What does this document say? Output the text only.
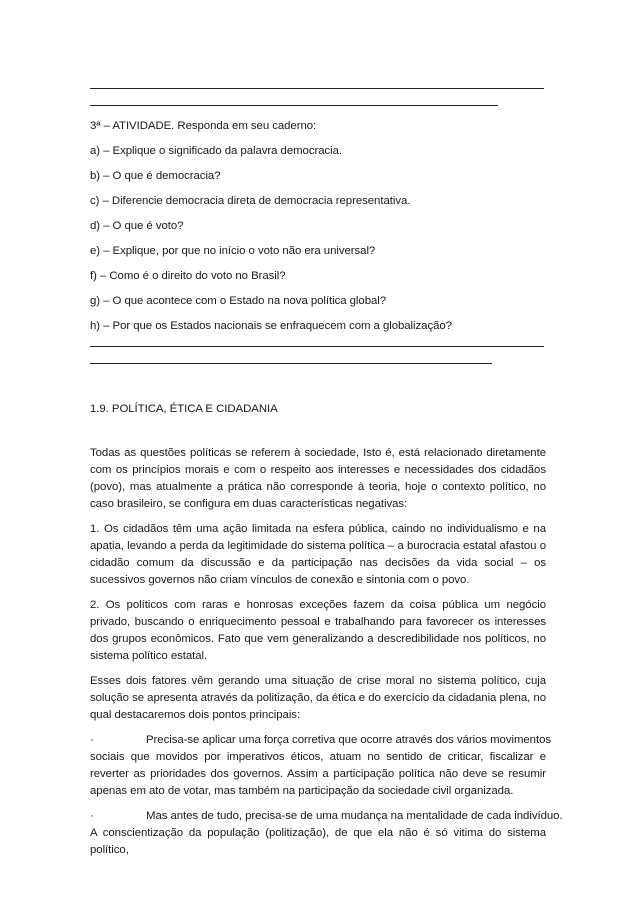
3ª – ATIVIDADE. Responda em seu caderno:

a) – Explique o significado da palavra democracia.

b) – O que é democracia?

c) – Diferencie democracia direta de democracia representativa.

d) – O que é voto?

e) – Explique, por que no início o voto não era universal?

f) – Como é o direito do voto no Brasil?

g) – O que acontece com o Estado na nova política global?

h) – Por que os Estados nacionais se enfraquecem com a globalização?

1.9. POLÍTICA, ÉTICA E CIDADANIA

Todas as questões políticas se referem à sociedade, Isto é, está relacionado diretamente com os princípios morais e com o respeito aos interesses e necessidades dos cidadãos (povo), mas atualmente a prática não corresponde à teoria, hoje o contexto político, no caso brasileiro, se configura em duas características negativas:

1. Os cidadãos têm uma ação limitada na esfera pública, caindo no individualismo e na apatia, levando a perda da legitimidade do sistema política – a burocracia estatal afastou o cidadão comum da discussão e da participação nas decisões da vida social – os sucessivos governos não criam vínculos de conexão e sintonia com o povo.

2. Os políticos com raras e honrosas exceções fazem da coisa pública um negócio privado, buscando o enriquecimento pessoal e trabalhando para favorecer os interesses dos grupos econômicos. Fato que vem generalizando a descredibilidade nos políticos, no sistema político estatal.

Esses dois fatores vêm gerando uma situação de crise moral no sistema político, cuja solução se apresenta através da politização, da ética e do exercício da cidadania plena, no qual destacaremos dois pontos principais:

·	Precisa-se aplicar uma força corretiva que ocorre através dos vários movimentos

sociais que movidos por imperativos éticos, atuam no sentido de criticar, fiscalizar e reverter as prioridades dos governos. Assim a participação política não deve se resumir apenas em ato de votar, mas também na participação da sociedade civil organizada.

·	Mas antes de tudo, precisa-se de uma mudança na mentalidade de cada indivíduo.

A conscientização da população (politização), de que ela não é só vitima do sistema político,
